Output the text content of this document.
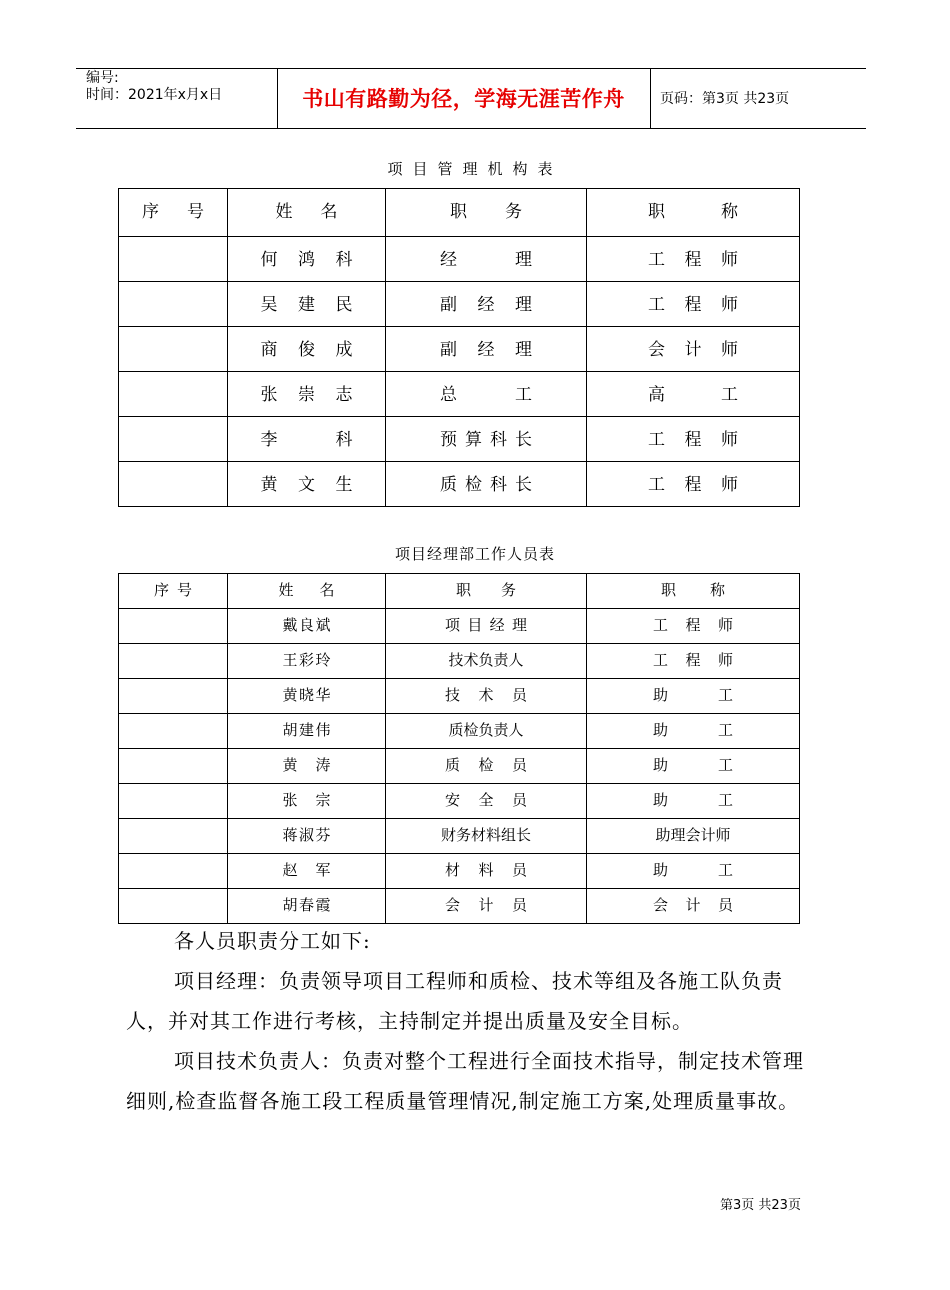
编号:
时间：2021年x月x日	书山有路勤为径，学海无涯苦作舟	页码：第3页 共23页
项目管理机构表
序 号	姓 名	职 务	职 称

	何 鸿 科	经 理	工 程 师

	吴 建 民	副 经 理	工 程 师

	商 俊 成	副 经 理	会 计 师

	张 崇 志	总 工	高 工

	李 科	预 算 科 长	工 程 师

	黄 文 生	质 检 科 长	工 程 师
项目经理部工作人员表
序 号	姓 名	职 务	职 称

	戴 良 斌	项 目 经 理	工 程 师

	王 彩 玲	技术负责人	工 程 师

	黄 晓 华	技 术 员	助 工

	胡 建 伟	质检负责人	助 工

	黄 涛	质 检 员	助 工

	张 宗	安 全 员	助 工

	蒋 淑 芬	财务材料组长	助理会计师

	赵 军	材 料 员	助 工

	胡 春 霞	会 计 员	会 计 员
各人员职责分工如下:
项目经理：负责领导项目工程师和质检、技术等组及各施工队负责人，并对其工作进行考核，主持制定并提出质量及安全目标。
项目技术负责人：负责对整个工程进行全面技术指导，制定技术管理细则,检查监督各施工段工程质量管理情况,制定施工方案,处理质量事故。
第3页 共23页
